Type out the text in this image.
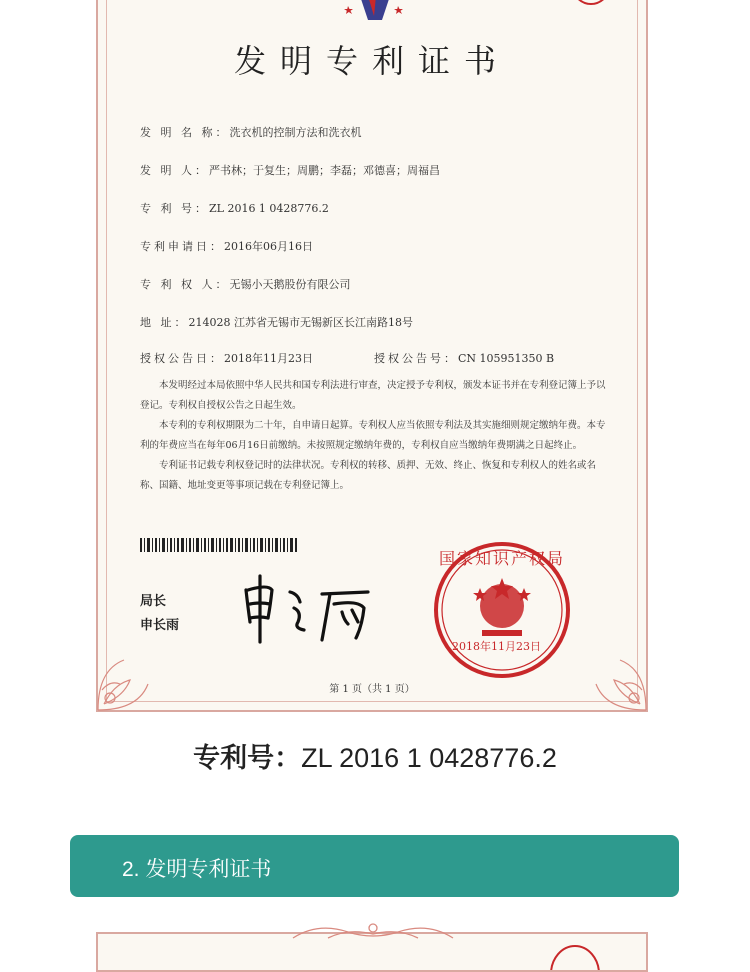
发明专利证书
发 明 名 称：洗衣机的控制方法和洗衣机
发 明 人：严书林；于复生；周鹏；李磊；邓德喜；周福昌
专 利 号：ZL 2016 1 0428776.2
专利申请日：2016年06月16日
专 利 权 人：无锡小天鹅股份有限公司
地 址：214028 江苏省无锡市无锡新区长江南路18号
授权公告日：2018年11月23日	授权公告号：CN 105951350 B

本发明经过本局依照中华人民共和国专利法进行审查，决定授予专利权，颁发本证书并在专利登记簿上予以登记。专利权自授权公告之日起生效。

本专利的专利权期限为二十年，自申请日起算。专利权人应当依照专利法及其实施细则规定缴纳年费。本专利的年费应当在每年06月16日前缴纳。未按照规定缴纳年费的，专利权自应当缴纳年费期满之日起终止。

专利证书记载专利权登记时的法律状况。专利权的转移、质押、无效、终止、恢复和专利权人的姓名或名称、国籍、地址变更等事项记载在专利登记簿上。

局长
申长雨
国家知识产权局
2018年11月23日
第 1 页（共 1 页）
专利号：ZL 2016 1 0428776.2
2. 发明专利证书
